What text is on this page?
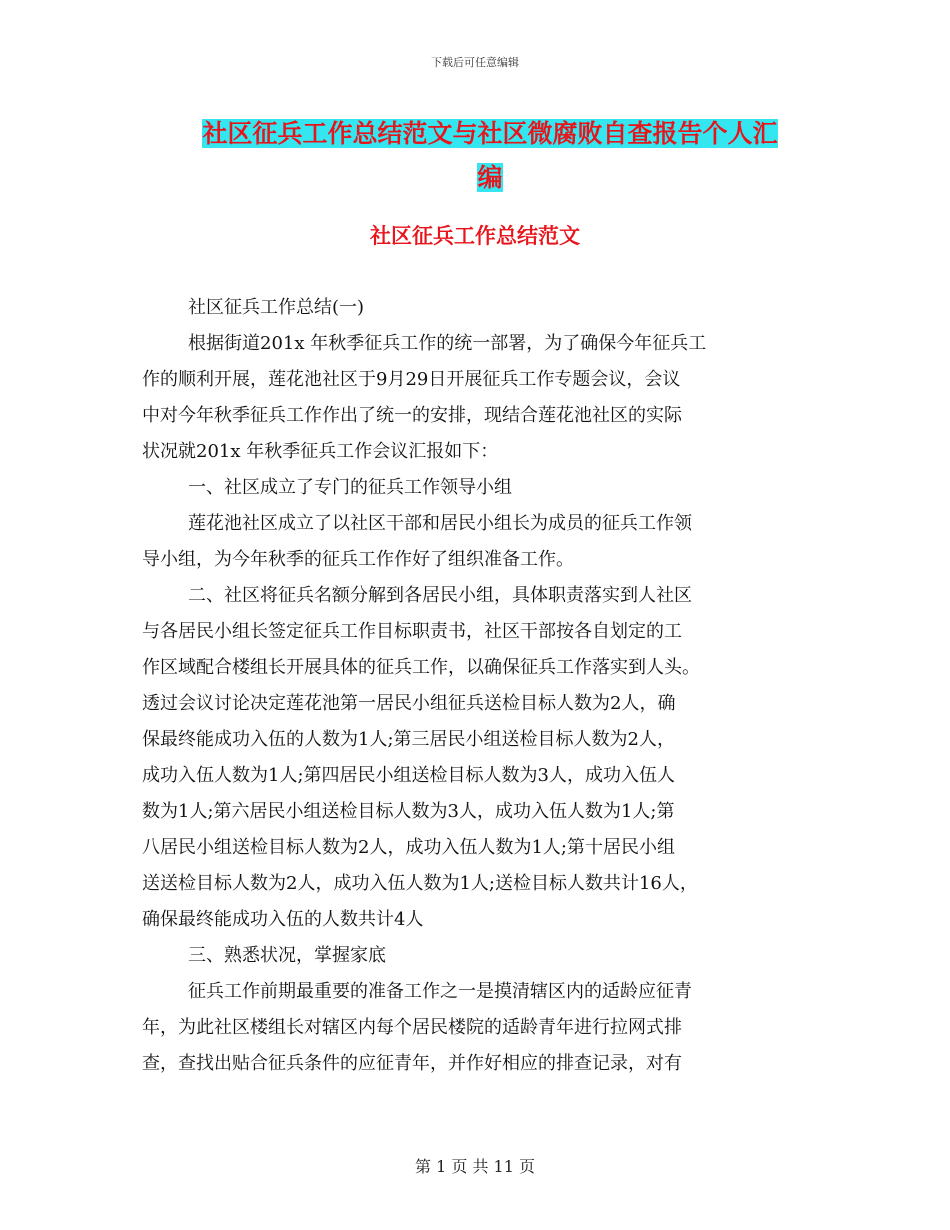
下载后可任意编辑
社区征兵工作总结范文与社区微腐败自查报告个人汇
编
社区征兵工作总结范文
社区征兵工作总结(一)
根据街道201x 年秋季征兵工作的统一部署，为了确保今年征兵工
作的顺利开展，莲花池社区于9月29日开展征兵工作专题会议，会议
中对今年秋季征兵工作作出了统一的安排，现结合莲花池社区的实际
状况就201x 年秋季征兵工作会议汇报如下：
一、社区成立了专门的征兵工作领导小组
莲花池社区成立了以社区干部和居民小组长为成员的征兵工作领
导小组，为今年秋季的征兵工作作好了组织准备工作。
二、社区将征兵名额分解到各居民小组，具体职责落实到人社区
与各居民小组长签定征兵工作目标职责书，社区干部按各自划定的工
作区域配合楼组长开展具体的征兵工作，以确保征兵工作落实到人头。
透过会议讨论决定莲花池第一居民小组征兵送检目标人数为2人，确
保最终能成功入伍的人数为1人;第三居民小组送检目标人数为2人，
成功入伍人数为1人;第四居民小组送检目标人数为3人，成功入伍人
数为1人;第六居民小组送检目标人数为3人，成功入伍人数为1人;第
八居民小组送检目标人数为2人，成功入伍人数为1人;第十居民小组
送送检目标人数为2人，成功入伍人数为1人;送检目标人数共计16人，
确保最终能成功入伍的人数共计4人
三、熟悉状况，掌握家底
征兵工作前期最重要的准备工作之一是摸清辖区内的适龄应征青
年，为此社区楼组长对辖区内每个居民楼院的适龄青年进行拉网式排
查，查找出贴合征兵条件的应征青年，并作好相应的排查记录，对有
第 1 页 共 11 页
